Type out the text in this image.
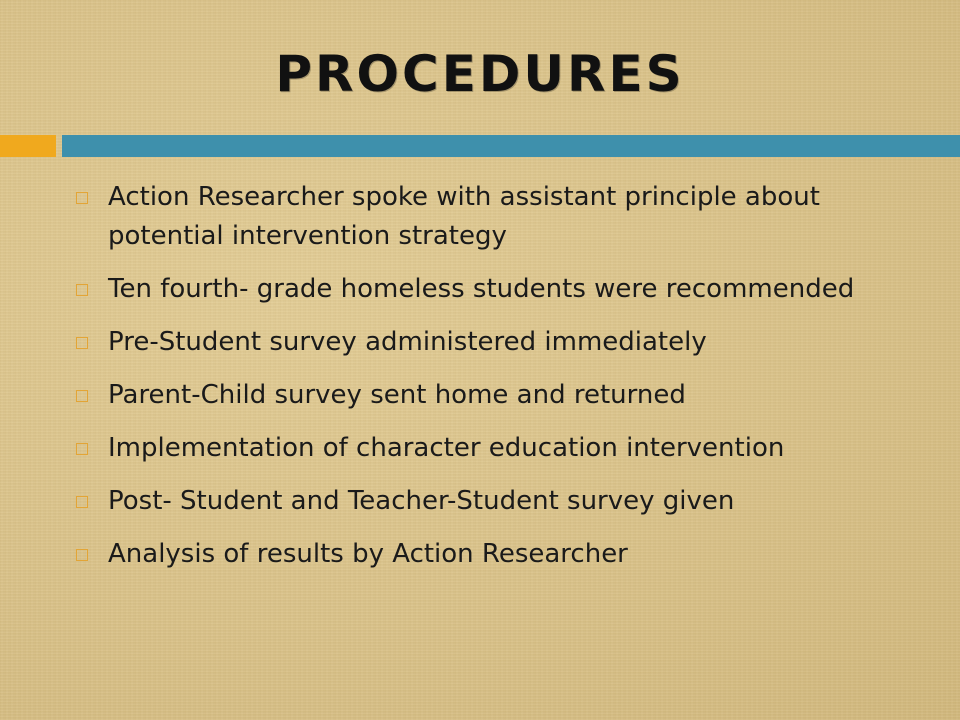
PROCEDURES
Action Researcher spoke with assistant principle about potential intervention strategy
Ten fourth- grade homeless students were recommended
Pre-Student survey administered immediately
Parent-Child survey sent home and returned
Implementation of character education intervention
Post- Student and Teacher-Student survey given
Analysis of results by Action Researcher
